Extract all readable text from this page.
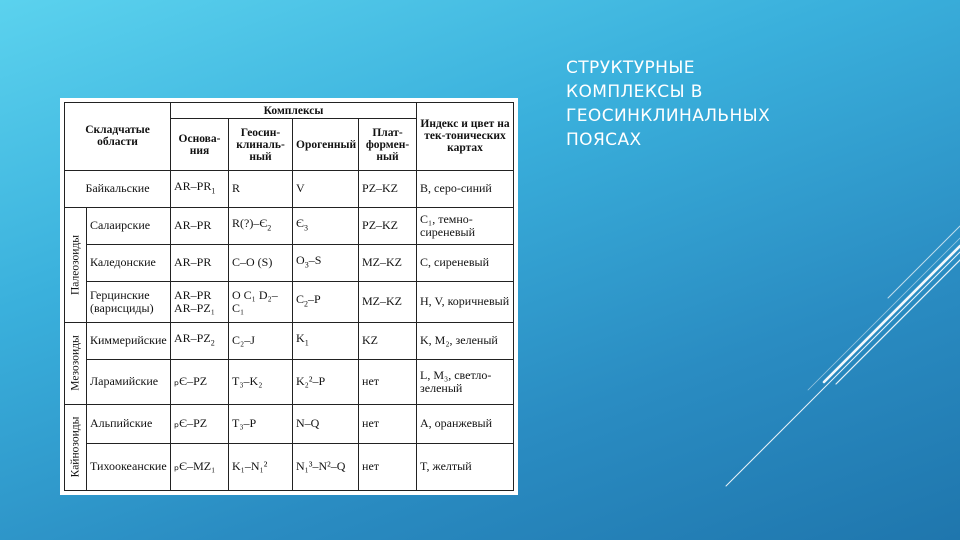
СТРУКТУРНЫЕ
КОМПЛЕКСЫ В
ГЕОСИНКЛИНАЛЬНЫХ
ПОЯСАХ
Складчатые области		Комплексы				Индекс и цвет на тек-тонических картах
		Основа-ния	Геосин-клиналь-ный	Орогенный	Плат-формен-ный	
Байкальские		$AR-PR_1$	R	V	PZ–KZ	B, серо-синий

Палеозоиды	Салаирские	AR–PR	$R(?)-Є_2$	$Є_3$	PZ–KZ	C₁, темно-сиреневый
	Каледонские	AR–PR	C–O (S)	$O_3-S$	MZ–KZ	C, сиреневый
	Герцинские (варисциды)	AR–PR AR–PZ₁	O C₁ D₂–C₁	$C_2-P$	MZ–KZ	H, V, коричневый

Мезозоиды	Киммерийские	$AR-PZ_2$	C₂–J	$K_1$	KZ	K, M₂, зеленый
	Ларамийские	ₚЄ–PZ	T₃–K₂	K₂²–P	нет	L, M₃, светло-зеленый

Кайнозоиды	Альпийские	ₚЄ–PZ	T₃–P	N–Q	нет	A, оранжевый
	Тихоокеанские	ₚЄ–MZ₁	K₁–N₁²	N₁³–N²–Q	нет	T, желтый
